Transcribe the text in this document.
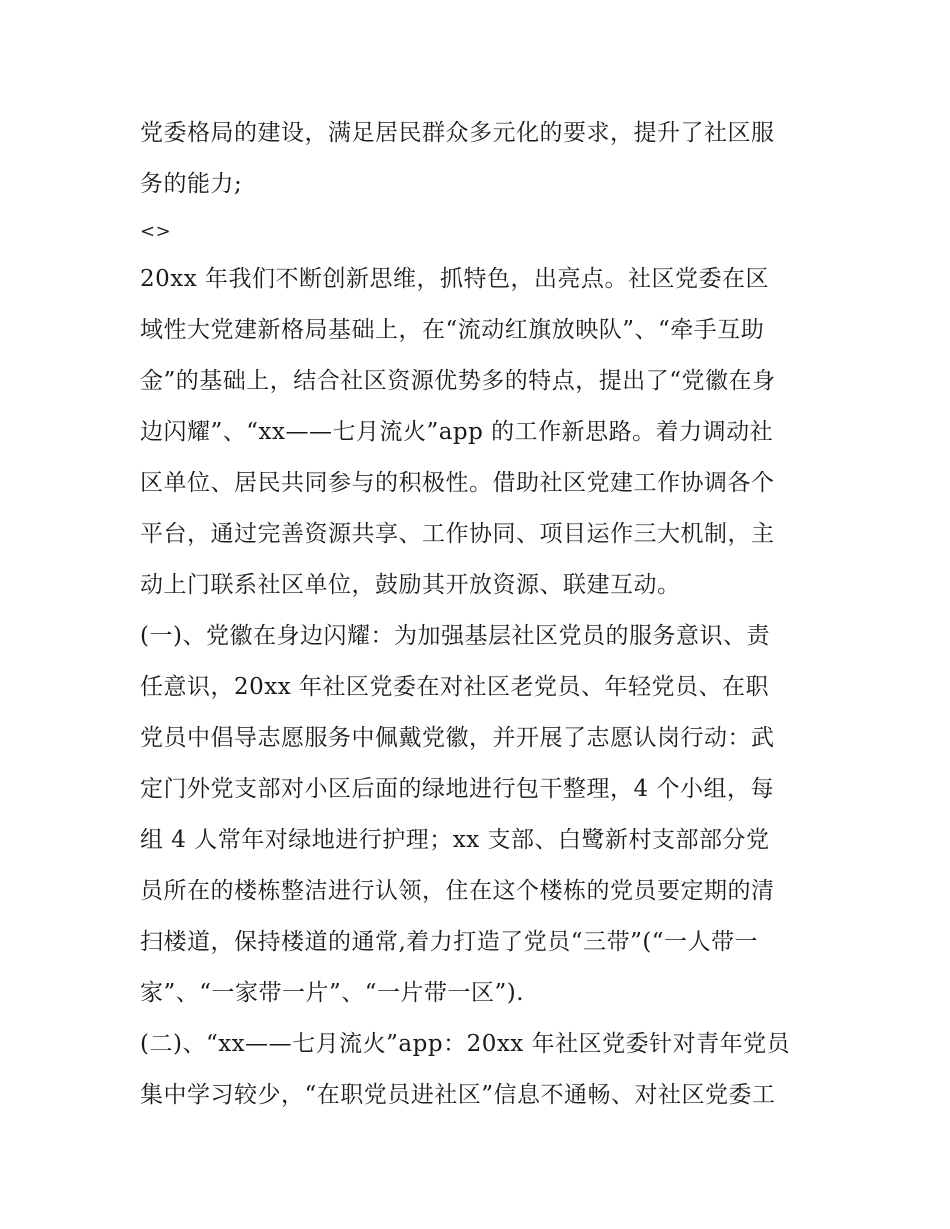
党委格局的建设，满足居民群众多元化的要求，提升了社区服
务的能力;
<>
20xx 年我们不断创新思维，抓特色，出亮点。社区党委在区
域性大党建新格局基础上，在“流动红旗放映队”、“牵手互助
金”的基础上，结合社区资源优势多的特点，提出了“党徽在身
边闪耀”、“xx——七月流火”app 的工作新思路。着力调动社
区单位、居民共同参与的积极性。借助社区党建工作协调各个
平台，通过完善资源共享、工作协同、项目运作三大机制，主
动上门联系社区单位，鼓励其开放资源、联建互动。
(一)、党徽在身边闪耀：为加强基层社区党员的服务意识、责
任意识，20xx 年社区党委在对社区老党员、年轻党员、在职
党员中倡导志愿服务中佩戴党徽，并开展了志愿认岗行动：武
定门外党支部对小区后面的绿地进行包干整理，4 个小组，每
组 4 人常年对绿地进行护理；xx 支部、白鹭新村支部部分党
员所在的楼栋整洁进行认领，住在这个楼栋的党员要定期的清
扫楼道，保持楼道的通常,着力打造了党员“三带”(“一人带一
家”、“一家带一片”、“一片带一区”).
(二)、“xx——七月流火”app：20xx 年社区党委针对青年党员
集中学习较少，“在职党员进社区”信息不通畅、对社区党委工
